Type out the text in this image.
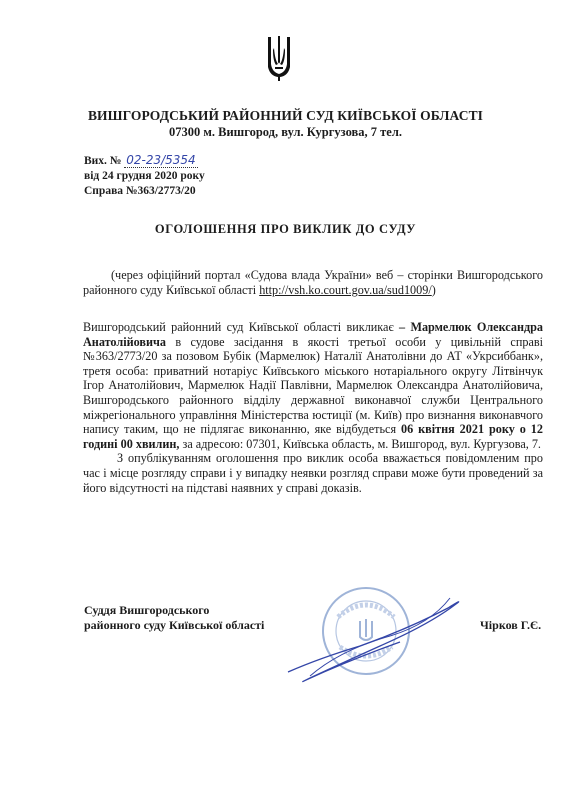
ВИШГОРОДСЬКИЙ РАЙОННИЙ СУД КИЇВСЬКОЇ ОБЛАСТІ
07300 м. Вишгород, вул. Кургузова, 7 тел.
Вих. № 02-23/5354
від 24 грудня 2020 року
Справа №363/2773/20
ОГОЛОШЕННЯ ПРО ВИКЛИК ДО СУДУ
(через офіційний портал «Судова влада України» веб – сторінки Вишгородського районного суду Київської області http://vsh.ko.court.gov.ua/sud1009/)

Вишгородський районний суд Київської області викликає – Мармелюк Олександра Анатолійовича в судове засідання в якості третьої особи у цивільній справі №363/2773/20 за позовом Бубік (Мармелюк) Наталії Анатолівни до АТ «Укрсиббанк», третя особа: приватний нотаріус Київського міського нотаріального округу Літвінчук Ігор Анатолійович, Мармелюк Надії Павлівни, Мармелюк Олександра Анатолійовича, Вишгородського районного відділу державної виконавчої служби Центрального міжрегіонального управління Міністерства юстиції (м. Київ) про визнання виконавчого напису таким, що не підлягає виконанню, яке відбудеться 06 квітня 2021 року о 12 годині 00 хвилин, за адресою: 07301, Київська область, м. Вишгород, вул. Кургузова, 7.

З опублікуванням оголошення про виклик особа вважається повідомленим про час і місце розгляду справи і у випадку неявки розгляд справи може бути проведений за його відсутності на підставі наявних у справі доказів.

Суддя Вишгородського
районного суду Київської області	Чірков Г.Є.
